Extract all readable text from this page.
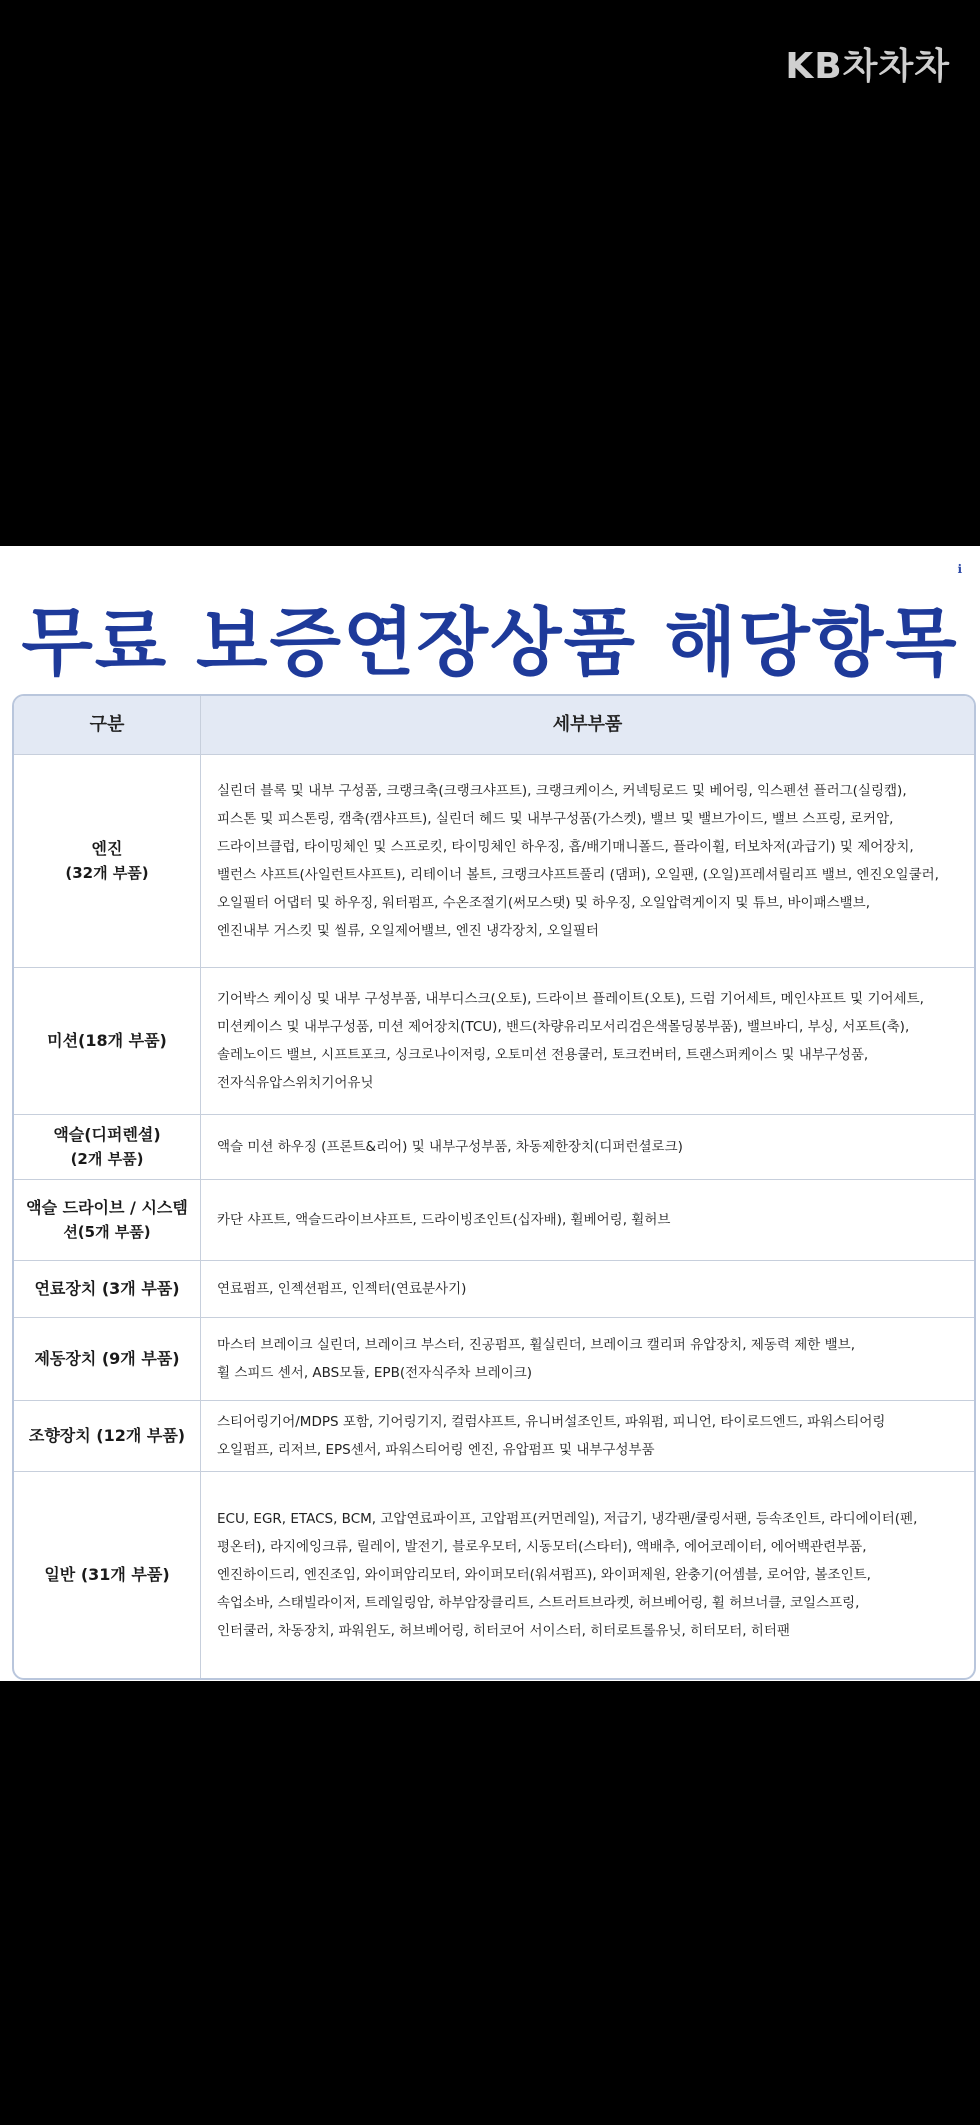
KB차차차
ℹ
무료 보증연장상품 해당항목
구분	세부부품
엔진
(32개 부품)
실린더 블록 및 내부 구성품, 크랭크축(크랭크샤프트), 크랭크케이스, 커넥팅로드 및 베어링, 익스펜션 플러그(실링캡),
피스톤 및 피스톤링, 캠축(캠샤프트), 실린더 헤드 및 내부구성품(가스켓), 밸브 및 밸브가이드, 밸브 스프링, 로커암,
드라이브클럽, 타이밍체인 및 스프로킷, 타이밍체인 하우징, 흡/배기매니폴드, 플라이휠, 터보차저(과급기) 및 제어장치,
밸런스 샤프트(사일런트샤프트), 리테이너 볼트, 크랭크샤프트풀리 (댐퍼), 오일팬, (오일)프레셔릴리프 밸브, 엔진오일쿨러,
오일필터 어댑터 및 하우징, 워터펌프, 수온조절기(써모스탯) 및 하우징, 오일압력게이지 및 튜브, 바이패스밸브,
엔진내부 거스킷 및 씰류, 오일제어밸브, 엔진 냉각장치, 오일필터
미션(18개 부품)
기어박스 케이싱 및 내부 구성부품, 내부디스크(오토), 드라이브 플레이트(오토), 드럼 기어세트, 메인샤프트 및 기어세트,
미션케이스 및 내부구성품, 미션 제어장치(TCU), 밴드(차량유리모서리검은색몰딩봉부품), 밸브바디, 부싱, 서포트(축),
솔레노이드 밸브, 시프트포크, 싱크로나이저링, 오토미션 전용쿨러, 토크컨버터, 트랜스퍼케이스 및 내부구성품,
전자식유압스위치기어유닛
액슬(디퍼렌셜)
(2개 부품)
액슬 미션 하우징 (프론트&리어) 및 내부구성부품, 차동제한장치(디퍼런셜로크)
액슬 드라이브 / 시스템
션(5개 부품)
카단 샤프트, 액슬드라이브샤프트, 드라이빙조인트(십자배), 휠베어링, 휠허브
연료장치 (3개 부품)	연료펌프, 인젝션펌프, 인젝터(연료분사기)
제동장치 (9개 부품)
마스터 브레이크 실린더, 브레이크 부스터, 진공펌프, 휠실린더, 브레이크 캘리퍼 유압장치, 제동력 제한 밸브,
휠 스피드 센서, ABS모듈, EPB(전자식주차 브레이크)
조향장치 (12개 부품)
스티어링기어/MDPS 포함, 기어링기지, 컬럼샤프트, 유니버설조인트, 파워펌, 피니언, 타이로드엔드, 파워스티어링
오일펌프, 리저브, EPS센서, 파워스티어링 엔진, 유압펌프 및 내부구성부품
일반 (31개 부품)
ECU, EGR, ETACS, BCM, 고압연료파이프, 고압펌프(커먼레일), 저급기, 냉각팬/쿨링서팬, 등속조인트, 라디에이터(펜,
평온터), 라지에잉크류, 릴레이, 발전기, 블로우모터, 시동모터(스타터), 액배추, 에어코레이터, 에어백관련부품,
엔진하이드리, 엔진조임, 와이퍼암리모터, 와이퍼모터(워셔펌프), 와이퍼제원, 완충기(어셈블, 로어암, 볼조인트,
속업소바, 스태빌라이저, 트레일링암, 하부암장클리트, 스트러트브라켓, 허브베어링, 휠 허브너클, 코일스프링,
인터쿨러, 차동장치, 파워윈도, 허브베어링, 히터코어 서이스터, 히터로트롤유닛, 히터모터, 히터팬
